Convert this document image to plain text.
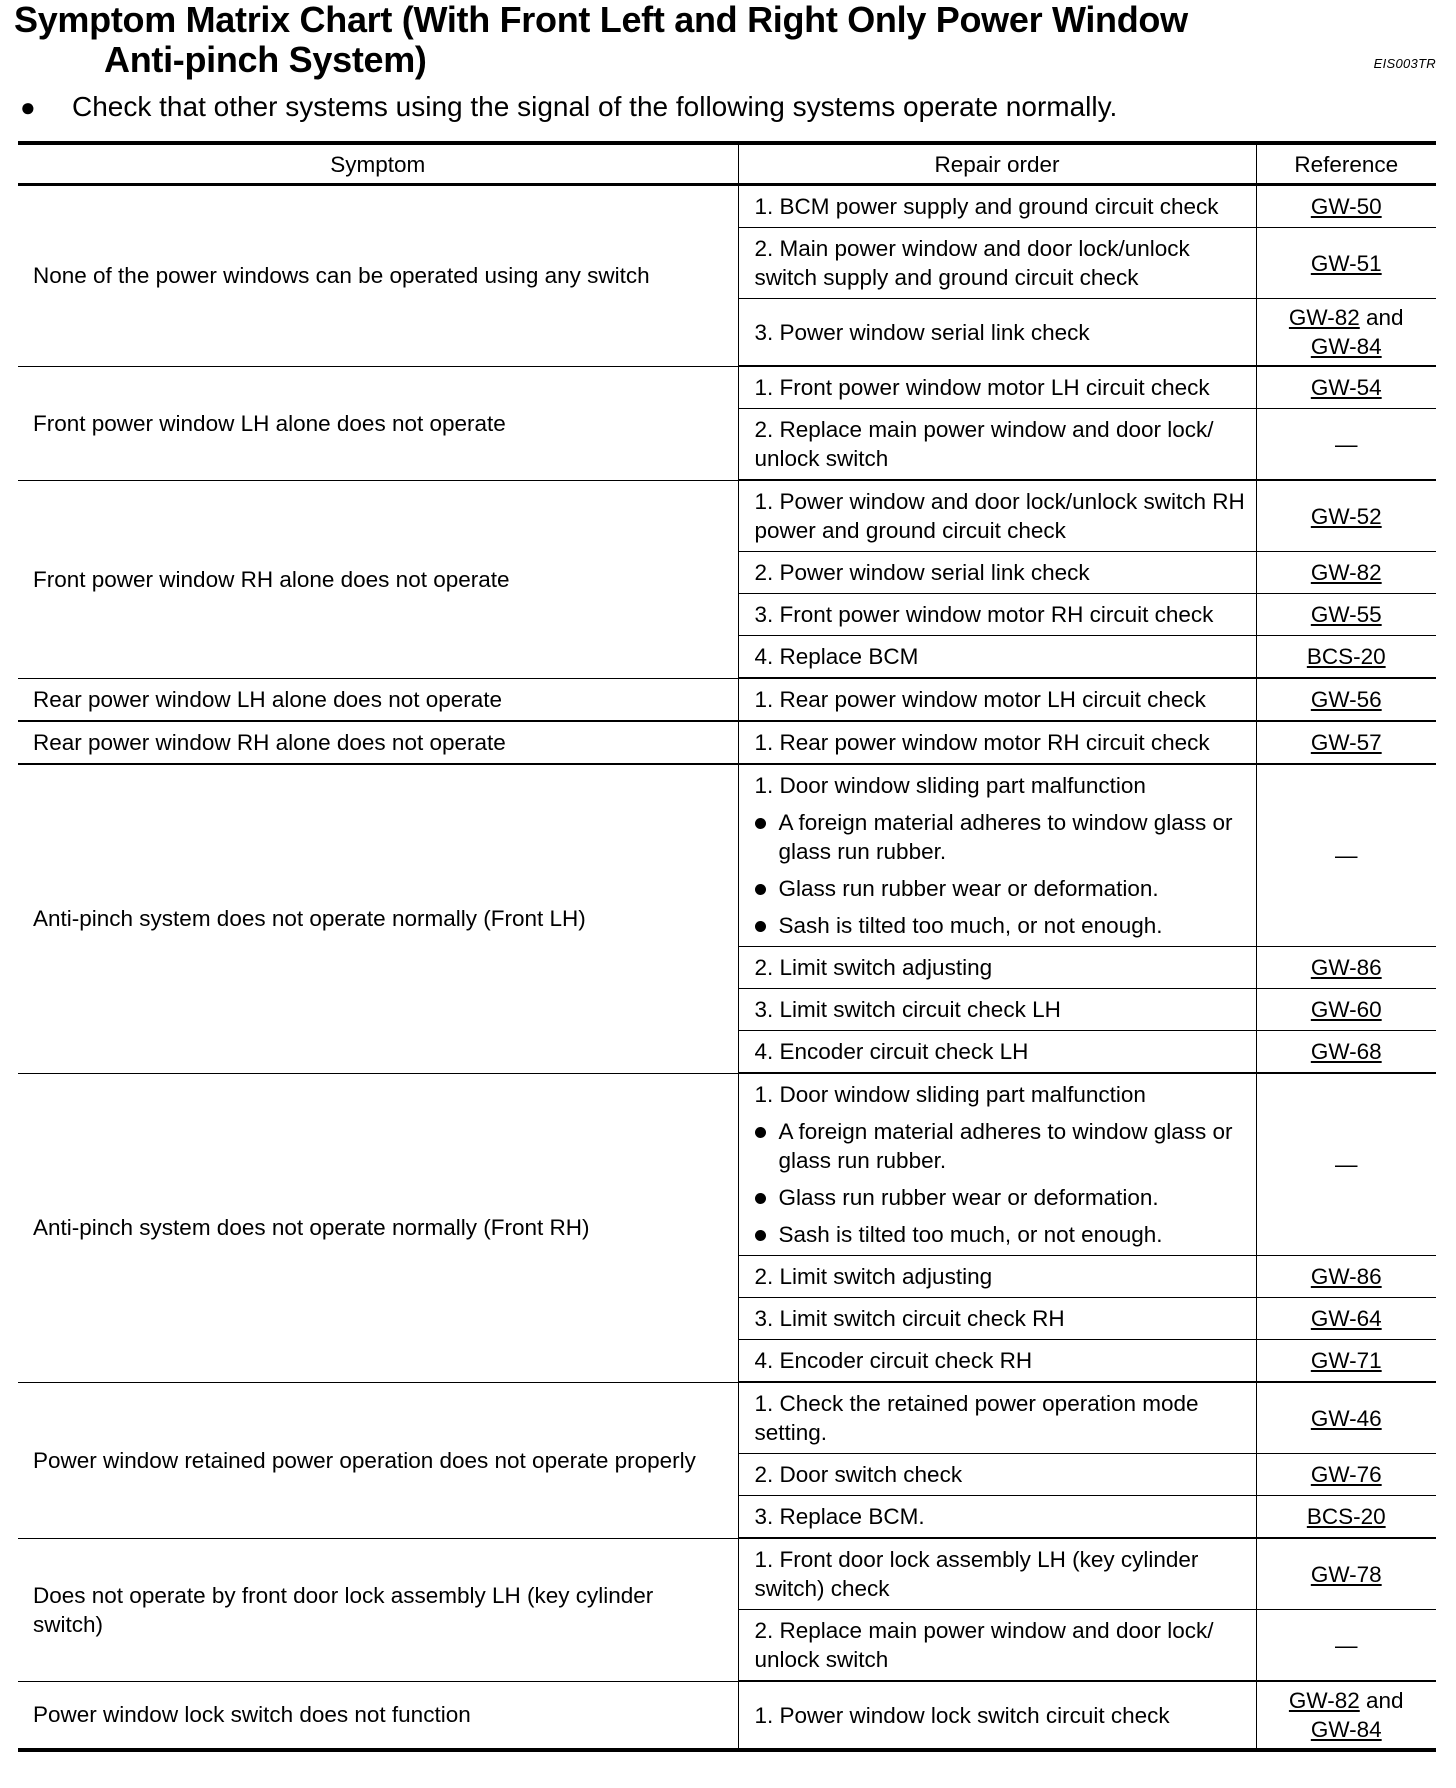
Symptom Matrix Chart (With Front Left and Right Only Power Window
Anti-pinch System)	EIS003TR
● Check that other systems using the signal of the following systems operate normally.
Symptom	Repair order	Reference
None of the power windows can be operated using any switch	1. BCM power supply and ground circuit check	GW-50
	2. Main power window and door lock/unlock switch supply and ground circuit check	GW-51
	3. Power window serial link check	GW-82 and
GW-84
Front power window LH alone does not operate	1. Front power window motor LH circuit check	GW-54
	2. Replace main power window and door lock/ unlock switch	—
Front power window RH alone does not operate	1. Power window and door lock/unlock switch RH power and ground circuit check	GW-52
	2. Power window serial link check	GW-82
	3. Front power window motor RH circuit check	GW-55
	4. Replace BCM	BCS-20
Rear power window LH alone does not operate	1. Rear power window motor LH circuit check	GW-56
Rear power window RH alone does not operate	1. Rear power window motor RH circuit check	GW-57
Anti-pinch system does not operate normally (Front LH)	1. Door window sliding part malfunction
A foreign material adheres to window glass or glass run rubber.
Glass run rubber wear or deformation.
Sash is tilted too much, or not enough.	—
	2. Limit switch adjusting	GW-86
	3. Limit switch circuit check LH	GW-60
	4. Encoder circuit check LH	GW-68
Anti-pinch system does not operate normally (Front RH)	1. Door window sliding part malfunction
A foreign material adheres to window glass or glass run rubber.
Glass run rubber wear or deformation.
Sash is tilted too much, or not enough.	—
	2. Limit switch adjusting	GW-86
	3. Limit switch circuit check RH	GW-64
	4. Encoder circuit check RH	GW-71
Power window retained power operation does not operate properly	1. Check the retained power operation mode setting.	GW-46
	2. Door switch check	GW-76
	3. Replace BCM.	BCS-20
Does not operate by front door lock assembly LH (key cylinder switch)	1. Front door lock assembly LH (key cylinder switch) check	GW-78
	2. Replace main power window and door lock/ unlock switch	—
Power window lock switch does not function	1. Power window lock switch circuit check	GW-82 and
GW-84
